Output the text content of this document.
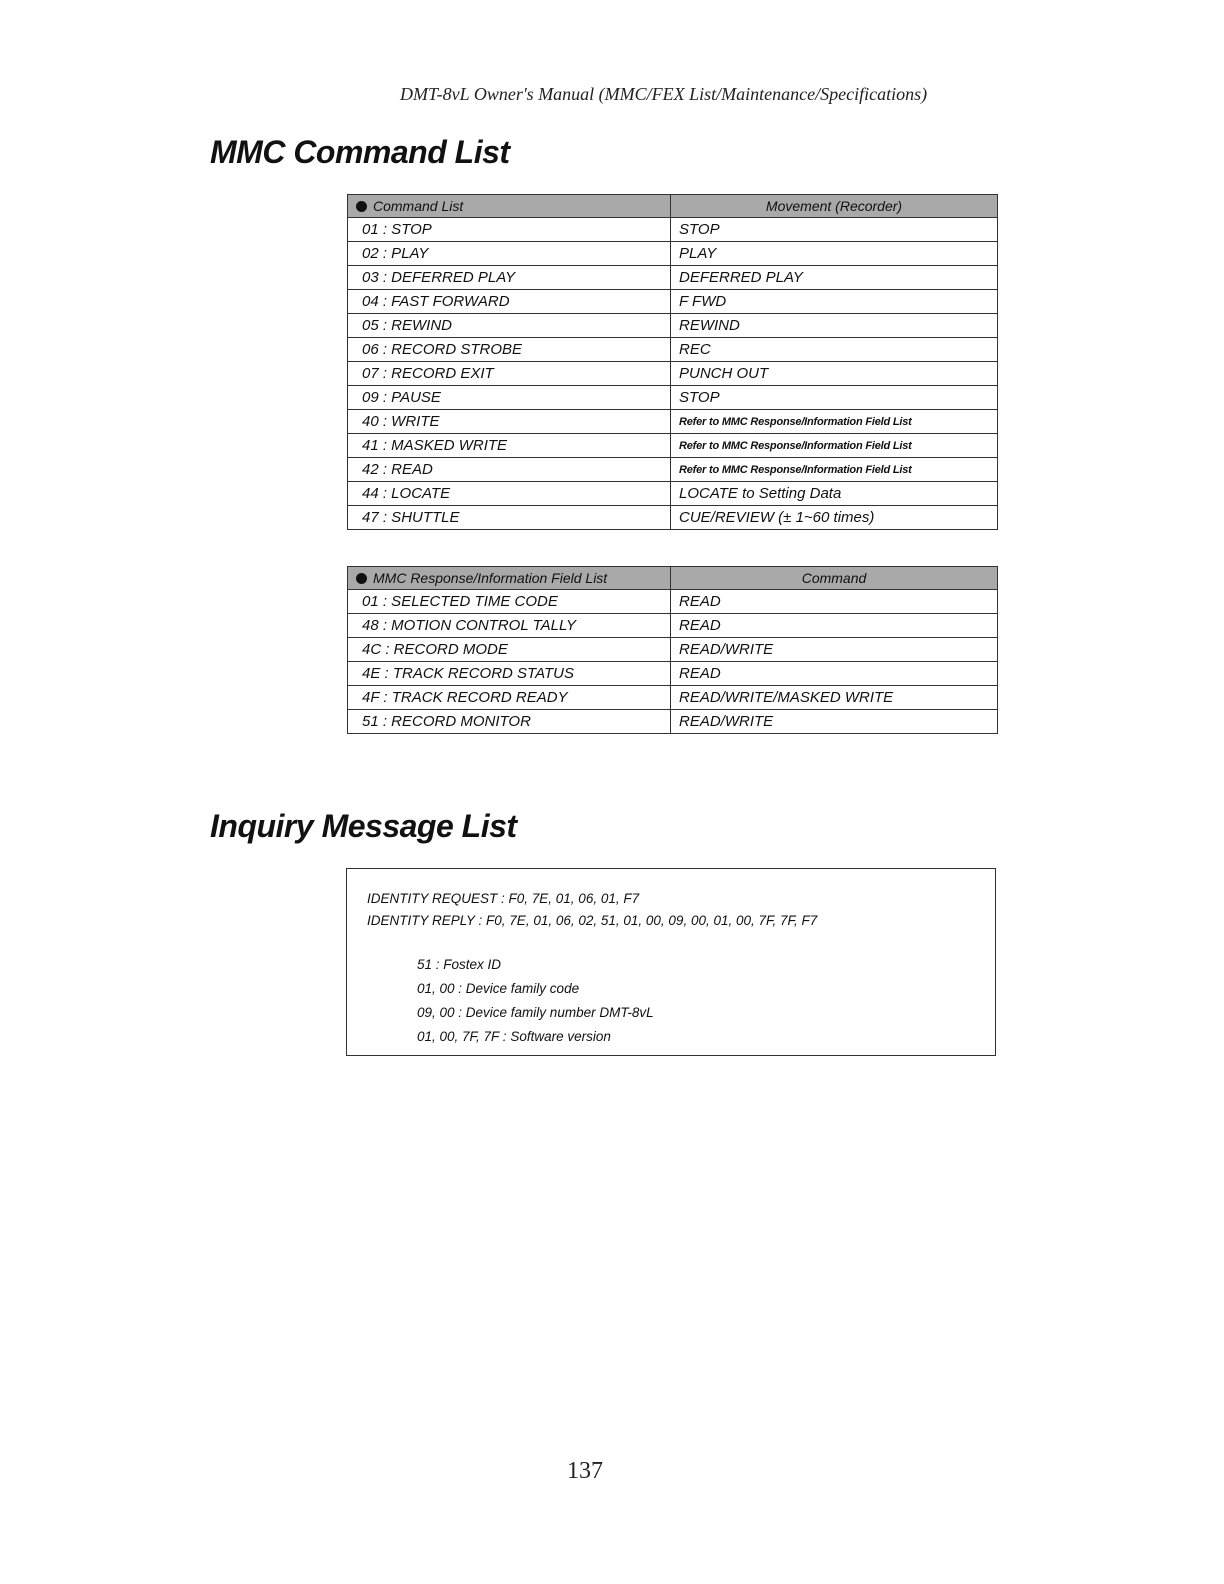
DMT-8vL Owner's Manual (MMC/FEX List/Maintenance/Specifications)
MMC Command List
Command List	Movement (Recorder)
01 : STOP	STOP
02 : PLAY	PLAY
03 : DEFERRED PLAY	DEFERRED PLAY
04 : FAST FORWARD	F FWD
05 : REWIND	REWIND
06 : RECORD STROBE	REC
07 : RECORD EXIT	PUNCH OUT
09 : PAUSE	STOP
40 : WRITE	Refer to MMC Response/Information Field List
41 : MASKED WRITE	Refer to MMC Response/Information Field List
42 : READ	Refer to MMC Response/Information Field List
44 : LOCATE	LOCATE to Setting Data
47 : SHUTTLE	CUE/REVIEW (± 1~60 times)
MMC Response/Information Field List	Command
01 : SELECTED TIME CODE	READ
48 : MOTION CONTROL TALLY	READ
4C : RECORD MODE	READ/WRITE
4E : TRACK RECORD STATUS	READ
4F : TRACK RECORD READY	READ/WRITE/MASKED WRITE
51 : RECORD MONITOR	READ/WRITE
Inquiry Message List
IDENTITY REQUEST : F0, 7E, 01, 06, 01, F7
IDENTITY REPLY : F0, 7E, 01, 06, 02, 51, 01, 00, 09, 00, 01, 00, 7F, 7F, F7
51 : Fostex ID
01, 00 : Device family code
09, 00 : Device family number DMT-8vL
01, 00, 7F, 7F : Software version
137
